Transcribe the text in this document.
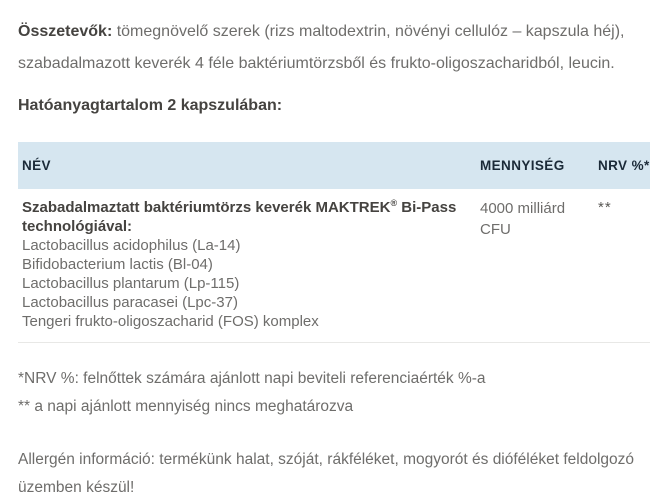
Összetevők: tömegnövelő szerek (rizs maltodextrin, növényi cellulóz – kapszula héj), szabadalmazott keverék 4 féle baktériumtörzsből és frukto-oligoszacharidból, leucin.

Hatóanyagtartalom 2 kapszulában:
NÉV	MENNYISÉG	NRV %*
Szabadalmaztatt baktériumtörzs keverék MAKTREK® Bi-Pass
technológiával:
Lactobacillus acidophilus (La-14)
Bifidobacterium lactis (Bl-04)
Lactobacillus plantarum (Lp-115)
Lactobacillus paracasei (Lpc-37)
Tengeri frukto-oligoszacharid (FOS) komplex
4000 milliárd
CFU
**
*NRV %: felnőttek számára ajánlott napi beviteli referenciaérték %-a
** a napi ajánlott mennyiség nincs meghatározva

Allergén információ: termékünk halat, szóját, rákféléket, mogyorót és dióféléket feldolgozó üzemben készül!
